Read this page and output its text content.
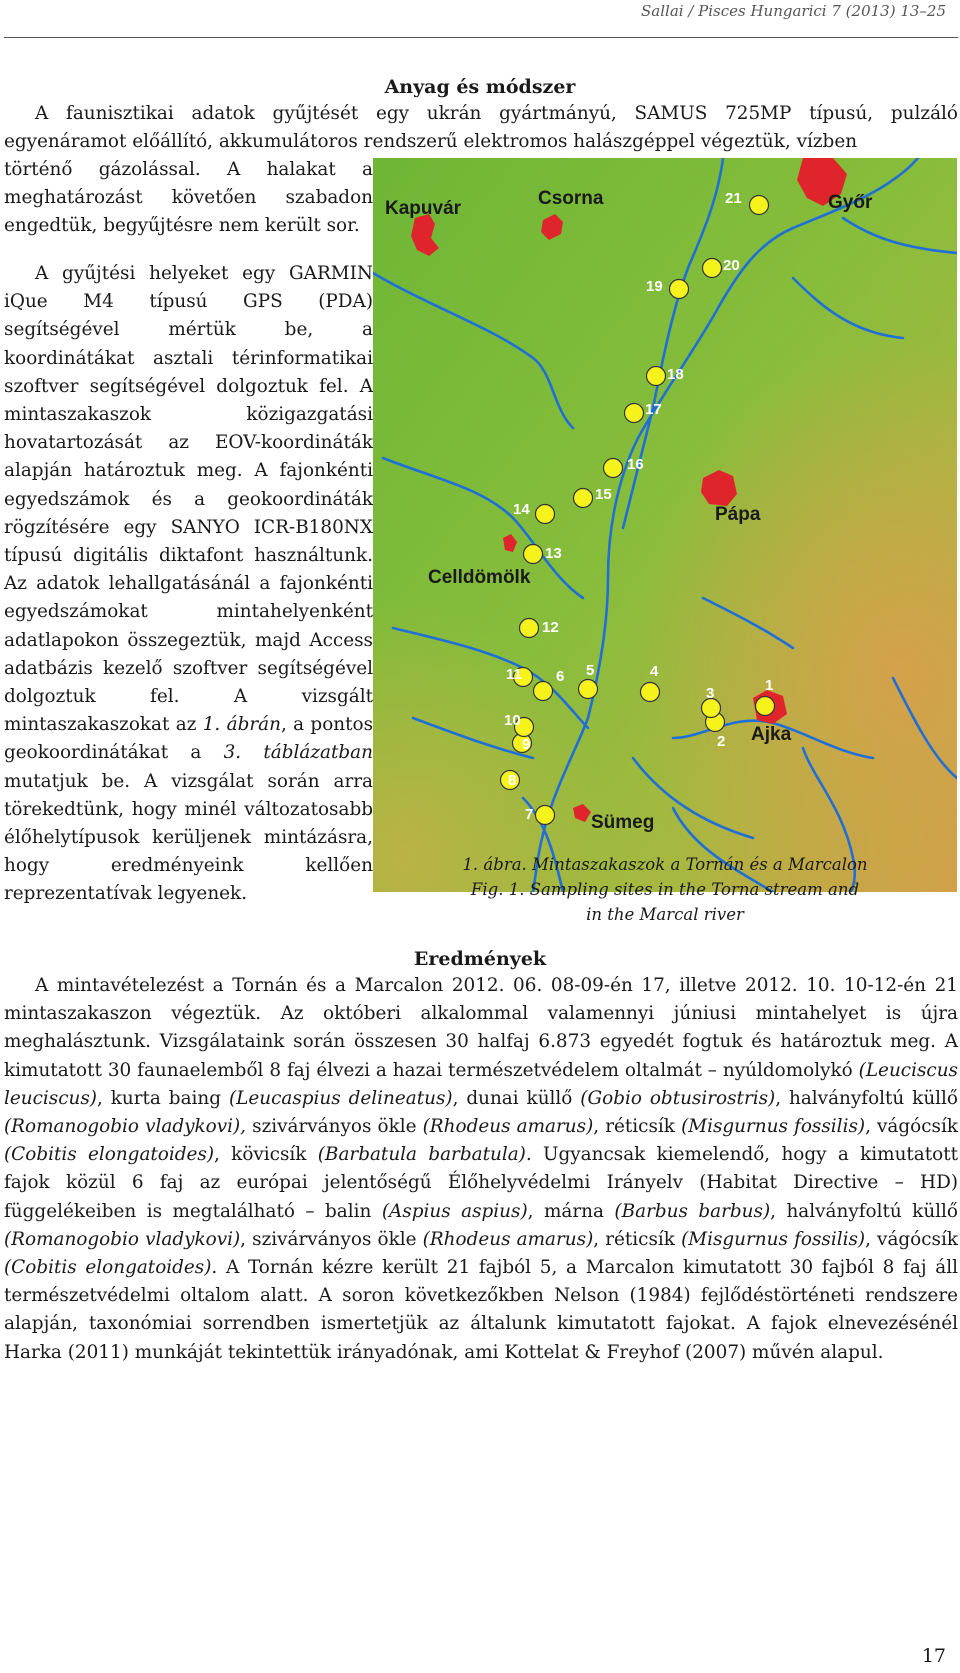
Sallai / Pisces Hungarici 7 (2013) 13–25
Anyag és módszer

A faunisztikai adatok gyűjtését egy ukrán gyártmányú, SAMUS 725MP típusú, pulzáló egyenáramot előállító, akkumulátoros rendszerű elektromos halászgéppel végeztük, vízben

történő gázolással. A halakat a meghatározást követően szabadon engedtük, begyűjtésre nem került sor.

A gyűjtési helyeket egy GARMIN iQue M4 típusú GPS (PDA) segítségével mértük be, a koordinátákat asztali térinformatikai szoftver segítségével dolgoztuk fel. A mintaszakaszok közigazgatási hovatartozását az EOV-koordináták alapján határoztuk meg. A fajonkénti egyedszámok és a geokoordináták rögzítésére egy SANYO ICR-B180NX típusú digitális diktafont használtunk. Az adatok lehallgatásánál a fajonkénti egyedszámokat mintahelyenként adatlapokon összegeztük, majd Access adatbázis kezelő szoftver segítségével dolgoztuk fel. A vizsgált mintaszakaszokat az 1. ábrán, a pontos geokoordinátákat a 3. táblázatban mutatjuk be. A vizsgálat során arra törekedtünk, hogy minél változatosabb élőhelytípusok kerüljenek mintázásra, hogy eredményeink kellően reprezentatívak legyenek.

Kapuvár	Csorna	Győr
Pápa
Celldömölk
Ajka
Sümeg
1
2
3
4
5
6
7
8
9
10
11
12
13
14
15
16
17
18
19
20
21

1. ábra. Mintaszakaszok a Tornán és a Marcalon

Fig. 1. Sampling sites in the Torna stream and

in the Marcal river

Eredmények

A mintavételezést a Tornán és a Marcalon 2012. 06. 08-09-én 17, illetve 2012. 10. 10-12-én 21 mintaszakaszon végeztük. Az októberi alkalommal valamennyi júniusi mintahelyet is újra meghalásztunk. Vizsgálataink során összesen 30 halfaj 6.873 egyedét fogtuk és határoztuk meg. A kimutatott 30 faunaelemből 8 faj élvezi a hazai természetvédelem oltalmát – nyúldomolykó (Leuciscus leuciscus), kurta baing (Leucaspius delineatus), dunai küllő (Gobio obtusirostris), halványfoltú küllő (Romanogobio vladykovi), szivárványos ökle (Rhodeus amarus), réticsík (Misgurnus fossilis), vágócsík (Cobitis elongatoides), kövicsík (Barbatula barbatula). Ugyancsak kiemelendő, hogy a kimutatott fajok közül 6 faj az európai jelentőségű Élőhelyvédelmi Irányelv (Habitat Directive – HD) függelékeiben is megtalálható – balin (Aspius aspius), márna (Barbus barbus), halványfoltú küllő (Romanogobio vladykovi), szivárványos ökle (Rhodeus amarus), réticsík (Misgurnus fossilis), vágócsík (Cobitis elongatoides). A Tornán kézre került 21 fajból 5, a Marcalon kimutatott 30 fajból 8 faj áll természetvédelmi oltalom alatt. A soron következőkben Nelson (1984) fejlődéstörténeti rendszere alapján, taxonómiai sorrendben ismertetjük az általunk kimutatott fajokat. A fajok elnevezésénél Harka (2011) munkáját tekintettük irányadónak, ami Kottelat & Freyhof (2007) művén alapul.

17
